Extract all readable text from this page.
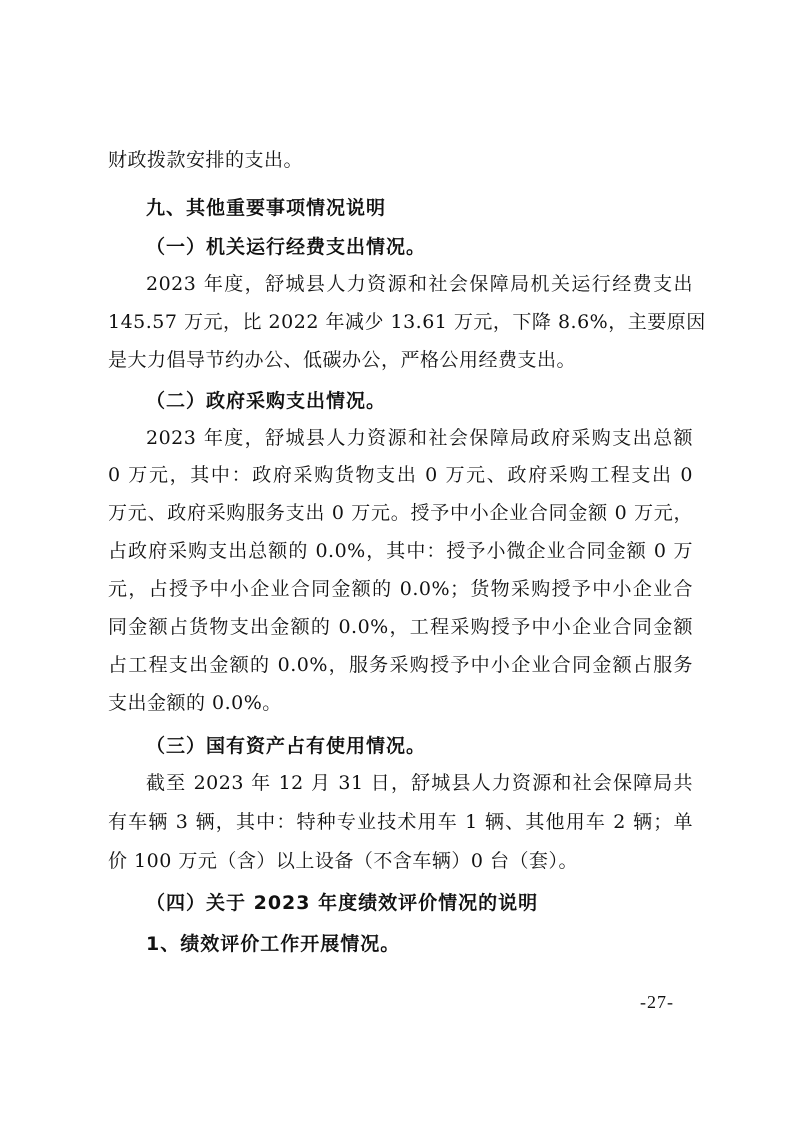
财政拨款安排的支出。

九、其他重要事项情况说明

（一）机关运行经费支出情况。

2023 年度，舒城县人力资源和社会保障局机关运行经费支出

145.57 万元，比 2022 年减少 13.61 万元，下降 8.6%，主要原因

是大力倡导节约办公、低碳办公，严格公用经费支出。

（二）政府采购支出情况。

2023 年度，舒城县人力资源和社会保障局政府采购支出总额

0 万元，其中：政府采购货物支出 0 万元、政府采购工程支出 0

万元、政府采购服务支出 0 万元。授予中小企业合同金额 0 万元，

占政府采购支出总额的 0.0%，其中：授予小微企业合同金额 0 万

元，占授予中小企业合同金额的 0.0%；货物采购授予中小企业合

同金额占货物支出金额的 0.0%，工程采购授予中小企业合同金额

占工程支出金额的 0.0%，服务采购授予中小企业合同金额占服务

支出金额的 0.0%。

（三）国有资产占有使用情况。

截至 2023 年 12 月 31 日，舒城县人力资源和社会保障局共

有车辆 3 辆，其中：特种专业技术用车 1 辆、其他用车 2 辆；单

价 100 万元（含）以上设备（不含车辆）0 台（套）。

（四）关于 2023 年度绩效评价情况的说明

1、绩效评价工作开展情况。

-27-
